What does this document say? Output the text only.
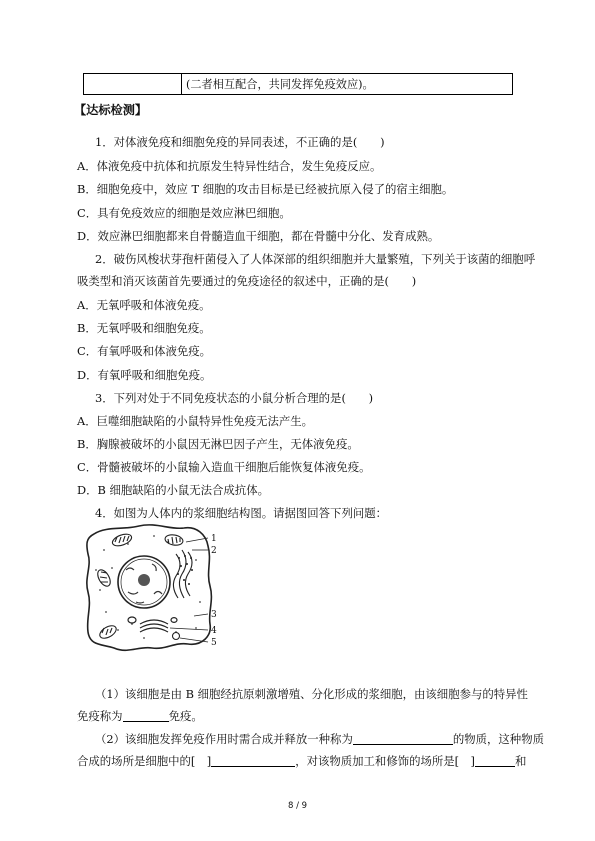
(二者相互配合，共同发挥免疫效应)。
【达标检测】
1．对体液免疫和细胞免疫的异同表述，不正确的是(　　)
A．体液免疫中抗体和抗原发生特异性结合，发生免疫反应。
B．细胞免疫中，效应 T 细胞的攻击目标是已经被抗原入侵了的宿主细胞。
C．具有免疫效应的细胞是效应淋巴细胞。
D．效应淋巴细胞都来自骨髓造血干细胞，都在骨髓中分化、发育成熟。
2．破伤风梭状芽孢杆菌侵入了人体深部的组织细胞并大量繁殖，下列关于该菌的细胞呼
吸类型和消灭该菌首先要通过的免疫途径的叙述中，正确的是(　　)
A．无氧呼吸和体液免疫。
B．无氧呼吸和细胞免疫。
C．有氧呼吸和体液免疫。
D．有氧呼吸和细胞免疫。
3．下列对处于不同免疫状态的小鼠分析合理的是(　　)
A．巨噬细胞缺陷的小鼠特异性免疫无法产生。
B．胸腺被破坏的小鼠因无淋巴因子产生，无体液免疫。
C．骨髓被破坏的小鼠输入造血干细胞后能恢复体液免疫。
D．B 细胞缺陷的小鼠无法合成抗体。
4．如图为人体内的浆细胞结构图。请据图回答下列问题：
1
2
3
4
5
（1）该细胞是由 B 细胞经抗原刺激增殖、分化形成的浆细胞，由该细胞参与的特异性
免疫称为	免疫。
（2）该细胞发挥免疫作用时需合成并释放一种称为	的物质，这种物质
合成的场所是细胞中的[　]	，对该物质加工和修饰的场所是[　]	和
8 / 9
